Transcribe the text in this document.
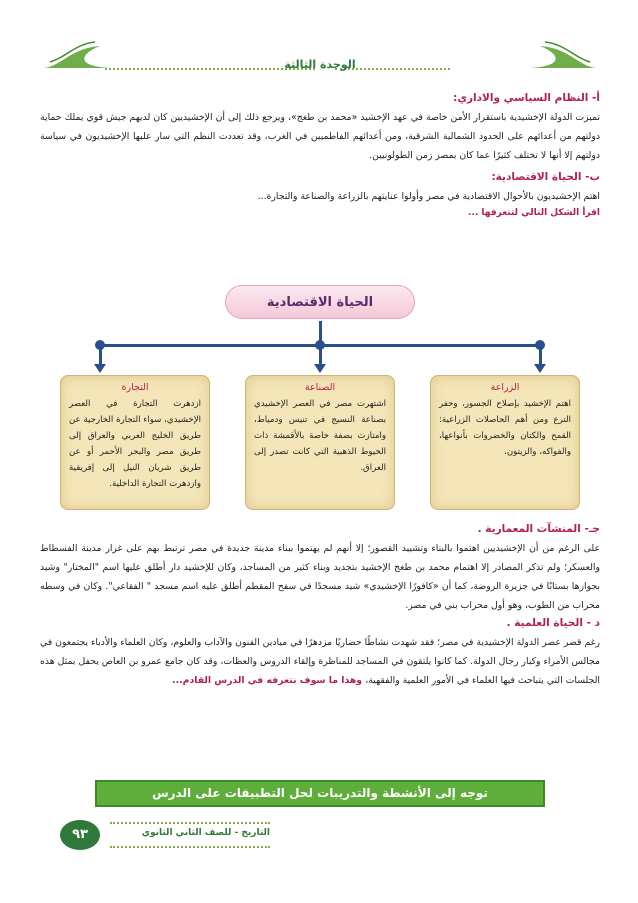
الوحدة الثالثة
أ- النظام السياسي والاداري:

تميزت الدولة الإخشيدية باستقرار الأمن خاصة في عهد الإخشيد «محمد بن طغج»، ويرجع ذلك إلى أن الإخشيديين كان لديهم جيش قوي يملك حماية دولتهم من أعدائهم على الحدود الشمالية الشرقية، ومن أعدائهم الفاطميين في الغرب، وقد تعددت النظم التي سار عليها الإخشيديون في سياسة دولتهم إلا أنها لا تختلف كثيرًا عما كان بمصر زمن الطولونيين.

ب- الحياة الاقتصادية:

اهتم الإخشيديون بالأحوال الاقتصادية في مصر وأولوا عنايتهم بالزراعة والصناعة والتجارة...

اقرأ الشكل التالي لتتعرفها ...
الحياة الاقتصادية
الزراعة

اهتم الإخشيد بإصلاح الجسور، وحفر الترع ومن أهم الحاصلات الزراعية: القمح والكتان والخضروات بأنواعها، والفواكه، والزيتون.

الصناعة

اشتهرت مصر في العصر الإخشيدي بصناعة النسيج في تنيس ودمياط، وامتازت بصفة خاصة بالأقمشة ذات الخيوط الذهبية التي كانت تصدر إلى العراق.

التجارة

ازدهرت التجارة في العصر الإخشيدي، سواء التجارة الخارجية عن طريق الخليج العربي والعراق إلى طريق مصر والبحر الأحمر أو عن طريق شريان النيل إلى إفريقية وازدهرت التجارة الداخلية.

جـ- المنشآت المعمارية .

على الرغم من أن الإخشيديين اهتموا بالبناء وتشييد القصور؛ إلا أنهم لم يهتموا ببناء مدينة جديدة في مصر ترتبط بهم على غرار مدينة الفسطاط والعسكر؛ ولم تذكر المصادر إلا اهتمام محمد بن طغج الإخشيد بتجديد وبناء كثير من المساجد، وكان للإخشيد دار أطلق عليها اسم "المختار" وشيد بجوارها بستانًا في جزيرة الروضة، كما أن «كافورًا الإخشيدي» شيد مسجدًا في سفح المقطم أطلق عليه اسم مسجد " الفقاعي". وكان في وسطه محراب من الطوب، وهو أول محراب بني في مصر.

د - الحياة العلمية .

رغم قصر عصر الدولة الإخشيدية في مصر؛ فقد شهدت نشاطًا حضاريًا مزدهرًا في ميادين الفنون والآداب والعلوم، وكان العلماء والأدباء يجتمعون في مجالس الأمراء وكبار رجال الدولة. كما كانوا يلتقون في المساجد للمناظرة وإلقاء الدروس والعظات، وقد كان جامع عمرو بن العاص يحفل بمثل هذه الجلسات التي يتباحث فيها العلماء في الأمور العلمية والفقهية، وهذا ما سوف نتعرفه في الدرس القادم...

توجه إلى الأنشطة والتدريبات لحل التطبيقات على الدرس
التاريخ - للصف الثاني الثانوي
٩٣
